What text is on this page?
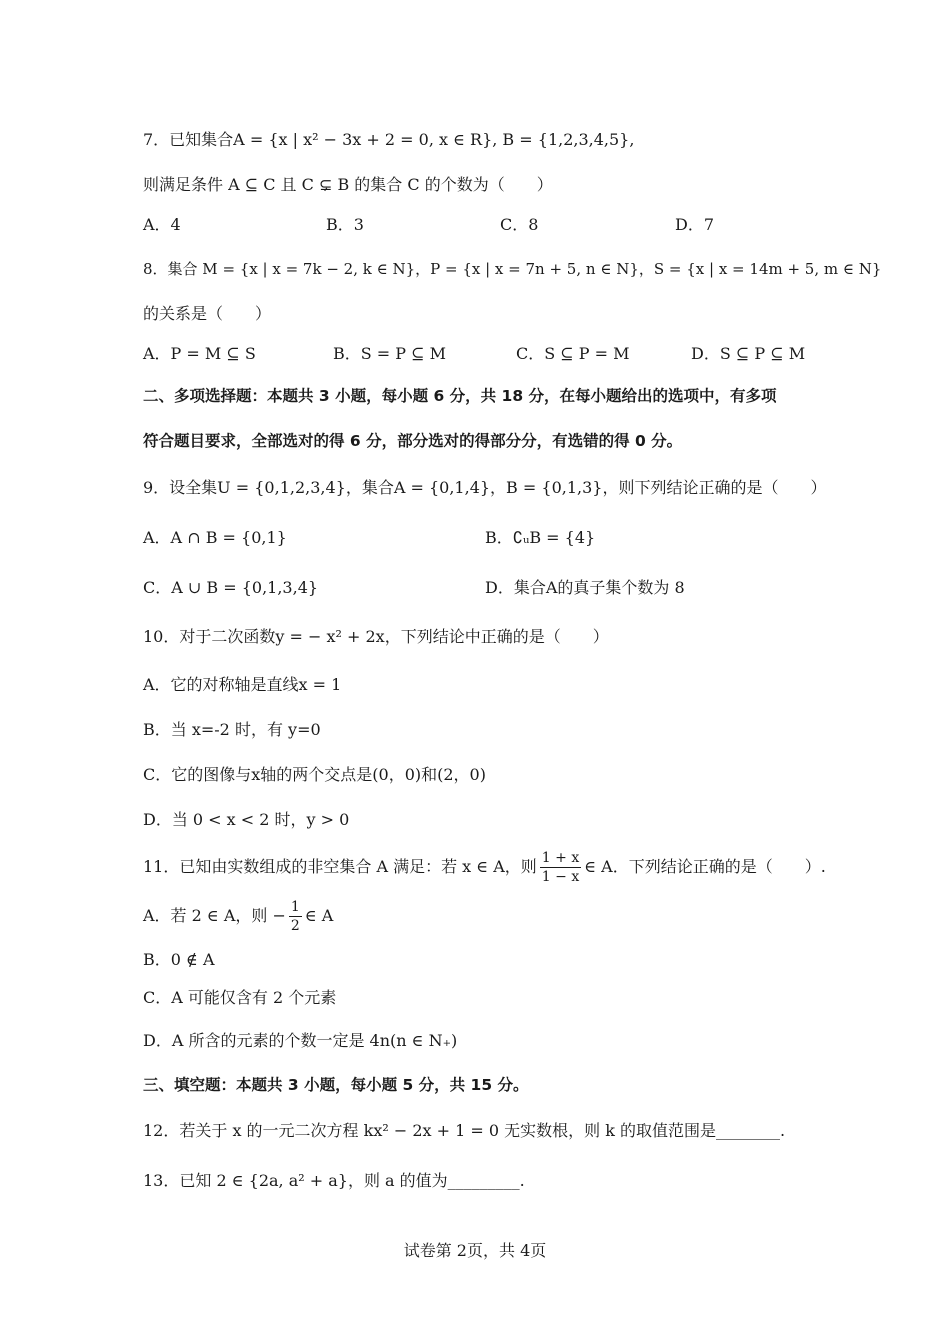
7．已知集合A = {x | x² − 3x + 2 = 0, x ∈ R}, B = {1,2,3,4,5},
则满足条件 A ⊆ C 且 C ⊊ B 的集合 C 的个数为（　　）
A．4	B．3	C．8	D．7
8．集合 M = {x | x = 7k − 2, k ∈ N}，P = {x | x = 7n + 5, n ∈ N}，S = {x | x = 14m + 5, m ∈ N}
的关系是（　　）
A．P = M ⊆ S	B．S = P ⊆ M	C．S ⊆ P = M	D．S ⊆ P ⊆ M
二、多项选择题：本题共 3 小题，每小题 6 分，共 18 分，在每小题给出的选项中，有多项
符合题目要求，全部选对的得 6 分，部分选对的得部分分，有选错的得 0 分。
9．设全集U = {0,1,2,3,4}，集合A = {0,1,4}，B = {0,1,3}，则下列结论正确的是（　　）
A．A ∩ B = {0,1}	B．∁ᵤB = {4}
C．A ∪ B = {0,1,3,4}	D．集合A的真子集个数为 8
10．对于二次函数y = − x² + 2x，下列结论中正确的是（　　）
A．它的对称轴是直线x = 1
B．当 x=-2 时，有 y=0
C．它的图像与x轴的两个交点是(0，0)和(2，0)
D．当 0 < x < 2 时，y > 0
11．已知由实数组成的非空集合 A 满足：若 x ∈ A，则 $\frac{1 + x}{1 - x}$ ∈ A．下列结论正确的是（　　）.
A．若 2 ∈ A，则 − $\frac{1}{2}$ ∈ A
B．0 ∉ A
C．A 可能仅含有 2 个元素
D．A 所含的元素的个数一定是 4n(n ∈ N₊)
三、填空题：本题共 3 小题，每小题 5 分，共 15 分。
12．若关于 x 的一元二次方程 kx² − 2x + 1 = 0 无实数根，则 k 的取值范围是________.
13．已知 2 ∈ {2a, a² + a}，则 a 的值为_________.
试卷第 2页，共 4页
